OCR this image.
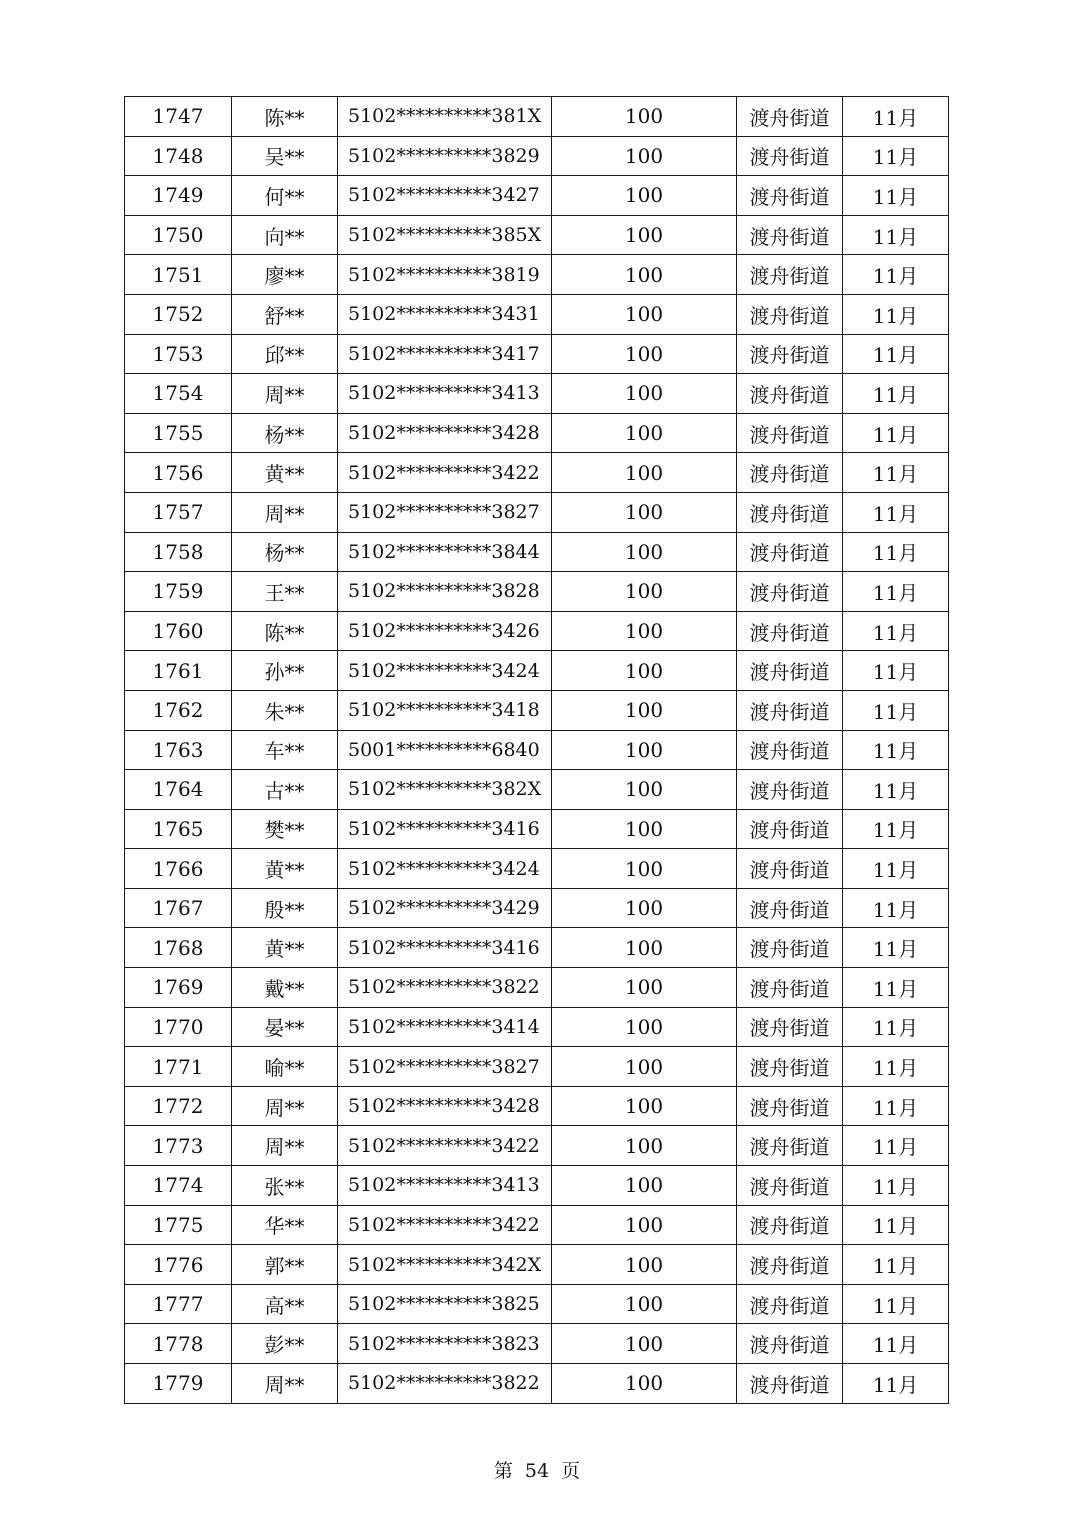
1747	陈**	5102**********381X	100	渡舟街道	11月
1748	吴**	5102**********3829	100	渡舟街道	11月
1749	何**	5102**********3427	100	渡舟街道	11月
1750	向**	5102**********385X	100	渡舟街道	11月
1751	廖**	5102**********3819	100	渡舟街道	11月
1752	舒**	5102**********3431	100	渡舟街道	11月
1753	邱**	5102**********3417	100	渡舟街道	11月
1754	周**	5102**********3413	100	渡舟街道	11月
1755	杨**	5102**********3428	100	渡舟街道	11月
1756	黄**	5102**********3422	100	渡舟街道	11月
1757	周**	5102**********3827	100	渡舟街道	11月
1758	杨**	5102**********3844	100	渡舟街道	11月
1759	王**	5102**********3828	100	渡舟街道	11月
1760	陈**	5102**********3426	100	渡舟街道	11月
1761	孙**	5102**********3424	100	渡舟街道	11月
1762	朱**	5102**********3418	100	渡舟街道	11月
1763	车**	5001**********6840	100	渡舟街道	11月
1764	古**	5102**********382X	100	渡舟街道	11月
1765	樊**	5102**********3416	100	渡舟街道	11月
1766	黄**	5102**********3424	100	渡舟街道	11月
1767	殷**	5102**********3429	100	渡舟街道	11月
1768	黄**	5102**********3416	100	渡舟街道	11月
1769	戴**	5102**********3822	100	渡舟街道	11月
1770	晏**	5102**********3414	100	渡舟街道	11月
1771	喻**	5102**********3827	100	渡舟街道	11月
1772	周**	5102**********3428	100	渡舟街道	11月
1773	周**	5102**********3422	100	渡舟街道	11月
1774	张**	5102**********3413	100	渡舟街道	11月
1775	华**	5102**********3422	100	渡舟街道	11月
1776	郭**	5102**********342X	100	渡舟街道	11月
1777	高**	5102**********3825	100	渡舟街道	11月
1778	彭**	5102**********3823	100	渡舟街道	11月
1779	周**	5102**********3822	100	渡舟街道	11月
第 54 页
